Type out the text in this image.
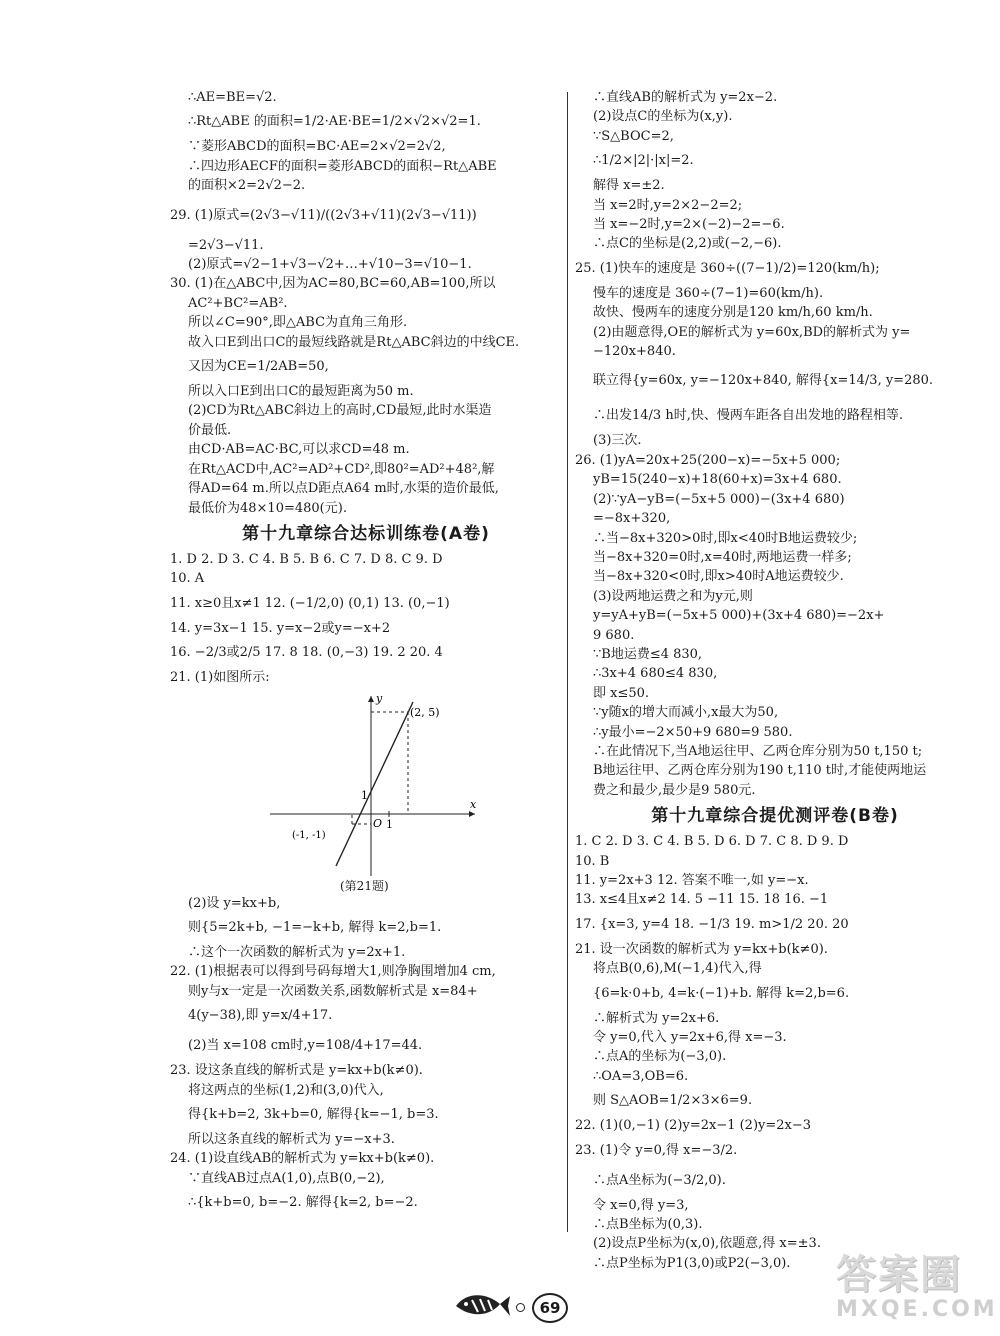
∴AE=BE=√2.
∴Rt△ABE 的面积=1/2·AE·BE=1/2×√2×√2=1.
∵菱形ABCD的面积=BC·AE=2×√2=2√2,
∴四边形AECF的面积=菱形ABCD的面积−Rt△ABE
的面积×2=2√2−2.
29. (1)原式=(2√3−√11)/((2√3+√11)(2√3−√11))
=2√3−√11.
(2)原式=√2−1+√3−√2+…+√10−3=√10−1.
30. (1)在△ABC中,因为AC=80,BC=60,AB=100,所以
AC²+BC²=AB².
所以∠C=90°,即△ABC为直角三角形.
故入口E到出口C的最短线路就是Rt△ABC斜边的中线CE.
又因为CE=1/2AB=50,
所以入口E到出口C的最短距离为50 m.
(2)CD为Rt△ABC斜边上的高时,CD最短,此时水渠造
价最低.
由CD·AB=AC·BC,可以求CD=48 m.
在Rt△ACD中,AC²=AD²+CD²,即80²=AD²+48²,解
得AD=64 m.所以点D距点A64 m时,水渠的造价最低,
最低价为48×10=480(元).
第十九章综合达标训练卷(A卷)
1. D 2. D 3. C 4. B 5. B 6. C 7. D 8. C 9. D
10. A
11. x≥0且x≠1 12. (−1/2,0) (0,1) 13. (0,−1)
14. y=3x−1 15. y=x−2或y=−x+2
16. −2/3或2/5 17. 8 18. (0,−3) 19. 2 20. 4
21. (1)如图所示:
(2, 5)
(-1, -1)
x
y
1
1
O
(第21题)
(2)设 y=kx+b,
则{5=2k+b, −1=−k+b, 解得 k=2,b=1.
∴这个一次函数的解析式为 y=2x+1.
22. (1)根据表可以得到号码每增大1,则净胸围增加4 cm,
则y与x一定是一次函数关系,函数解析式是 x=84+
4(y−38),即 y=x/4+17.
(2)当 x=108 cm时,y=108/4+17=44.
23. 设这条直线的解析式是 y=kx+b(k≠0).
将这两点的坐标(1,2)和(3,0)代入,
得{k+b=2, 3k+b=0, 解得{k=−1, b=3.
所以这条直线的解析式为 y=−x+3.
24. (1)设直线AB的解析式为 y=kx+b(k≠0).
∵直线AB过点A(1,0),点B(0,−2),
∴{k+b=0, b=−2. 解得{k=2, b=−2.
∴直线AB的解析式为 y=2x−2.
(2)设点C的坐标为(x,y).
∵S△BOC=2,
∴1/2×|2|·|x|=2.
解得 x=±2.
当 x=2时,y=2×2−2=2;
当 x=−2时,y=2×(−2)−2=−6.
∴点C的坐标是(2,2)或(−2,−6).
25. (1)快车的速度是 360÷((7−1)/2)=120(km/h);
慢车的速度是 360÷(7−1)=60(km/h).
故快、慢两车的速度分别是120 km/h,60 km/h.
(2)由题意得,OE的解析式为 y=60x,BD的解析式为 y=
−120x+840.
联立得{y=60x, y=−120x+840, 解得{x=14/3, y=280.
∴出发14/3 h时,快、慢两车距各自出发地的路程相等.
(3)三次.
26. (1)yA=20x+25(200−x)=−5x+5 000;
yB=15(240−x)+18(60+x)=3x+4 680.
(2)∵yA−yB=(−5x+5 000)−(3x+4 680)
=−8x+320,
∴当−8x+320>0时,即x<40时B地运费较少;
当−8x+320=0时,x=40时,两地运费一样多;
当−8x+320<0时,即x>40时A地运费较少.
(3)设两地运费之和为y元,则
y=yA+yB=(−5x+5 000)+(3x+4 680)=−2x+
9 680.
∵B地运费≤4 830,
∴3x+4 680≤4 830,
即 x≤50.
∵y随x的增大而减小,x最大为50,
∴y最小=−2×50+9 680=9 580.
∴在此情况下,当A地运往甲、乙两仓库分别为50 t,150 t;
B地运往甲、乙两仓库分别为190 t,110 t时,才能使两地运
费之和最少,最少是9 580元.
第十九章综合提优测评卷(B卷)
1. C 2. D 3. C 4. B 5. D 6. D 7. C 8. D 9. D
10. B
11. y=2x+3 12. 答案不唯一,如 y=−x.
13. x≤4且x≠2 14. 5 −11 15. 18 16. −1
17. {x=3, y=4 18. −1/3 19. m>1/2 20. 20
21. 设一次函数的解析式为 y=kx+b(k≠0).
将点B(0,6),M(−1,4)代入,得
{6=k·0+b, 4=k·(−1)+b. 解得 k=2,b=6.
∴解析式为 y=2x+6.
令 y=0,代入 y=2x+6,得 x=−3.
∴点A的坐标为(−3,0).
∴OA=3,OB=6.
则 S△AOB=1/2×3×6=9.
22. (1)(0,−1) (2)y=2x−1 (2)y=2x−3
23. (1)令 y=0,得 x=−3/2.
∴点A坐标为(−3/2,0).
令 x=0,得 y=3,
∴点B坐标为(0,3).
(2)设点P坐标为(x,0),依题意,得 x=±3.
∴点P坐标为P1(3,0)或P2(−3,0).
69
答案圈
MXQE.COM
